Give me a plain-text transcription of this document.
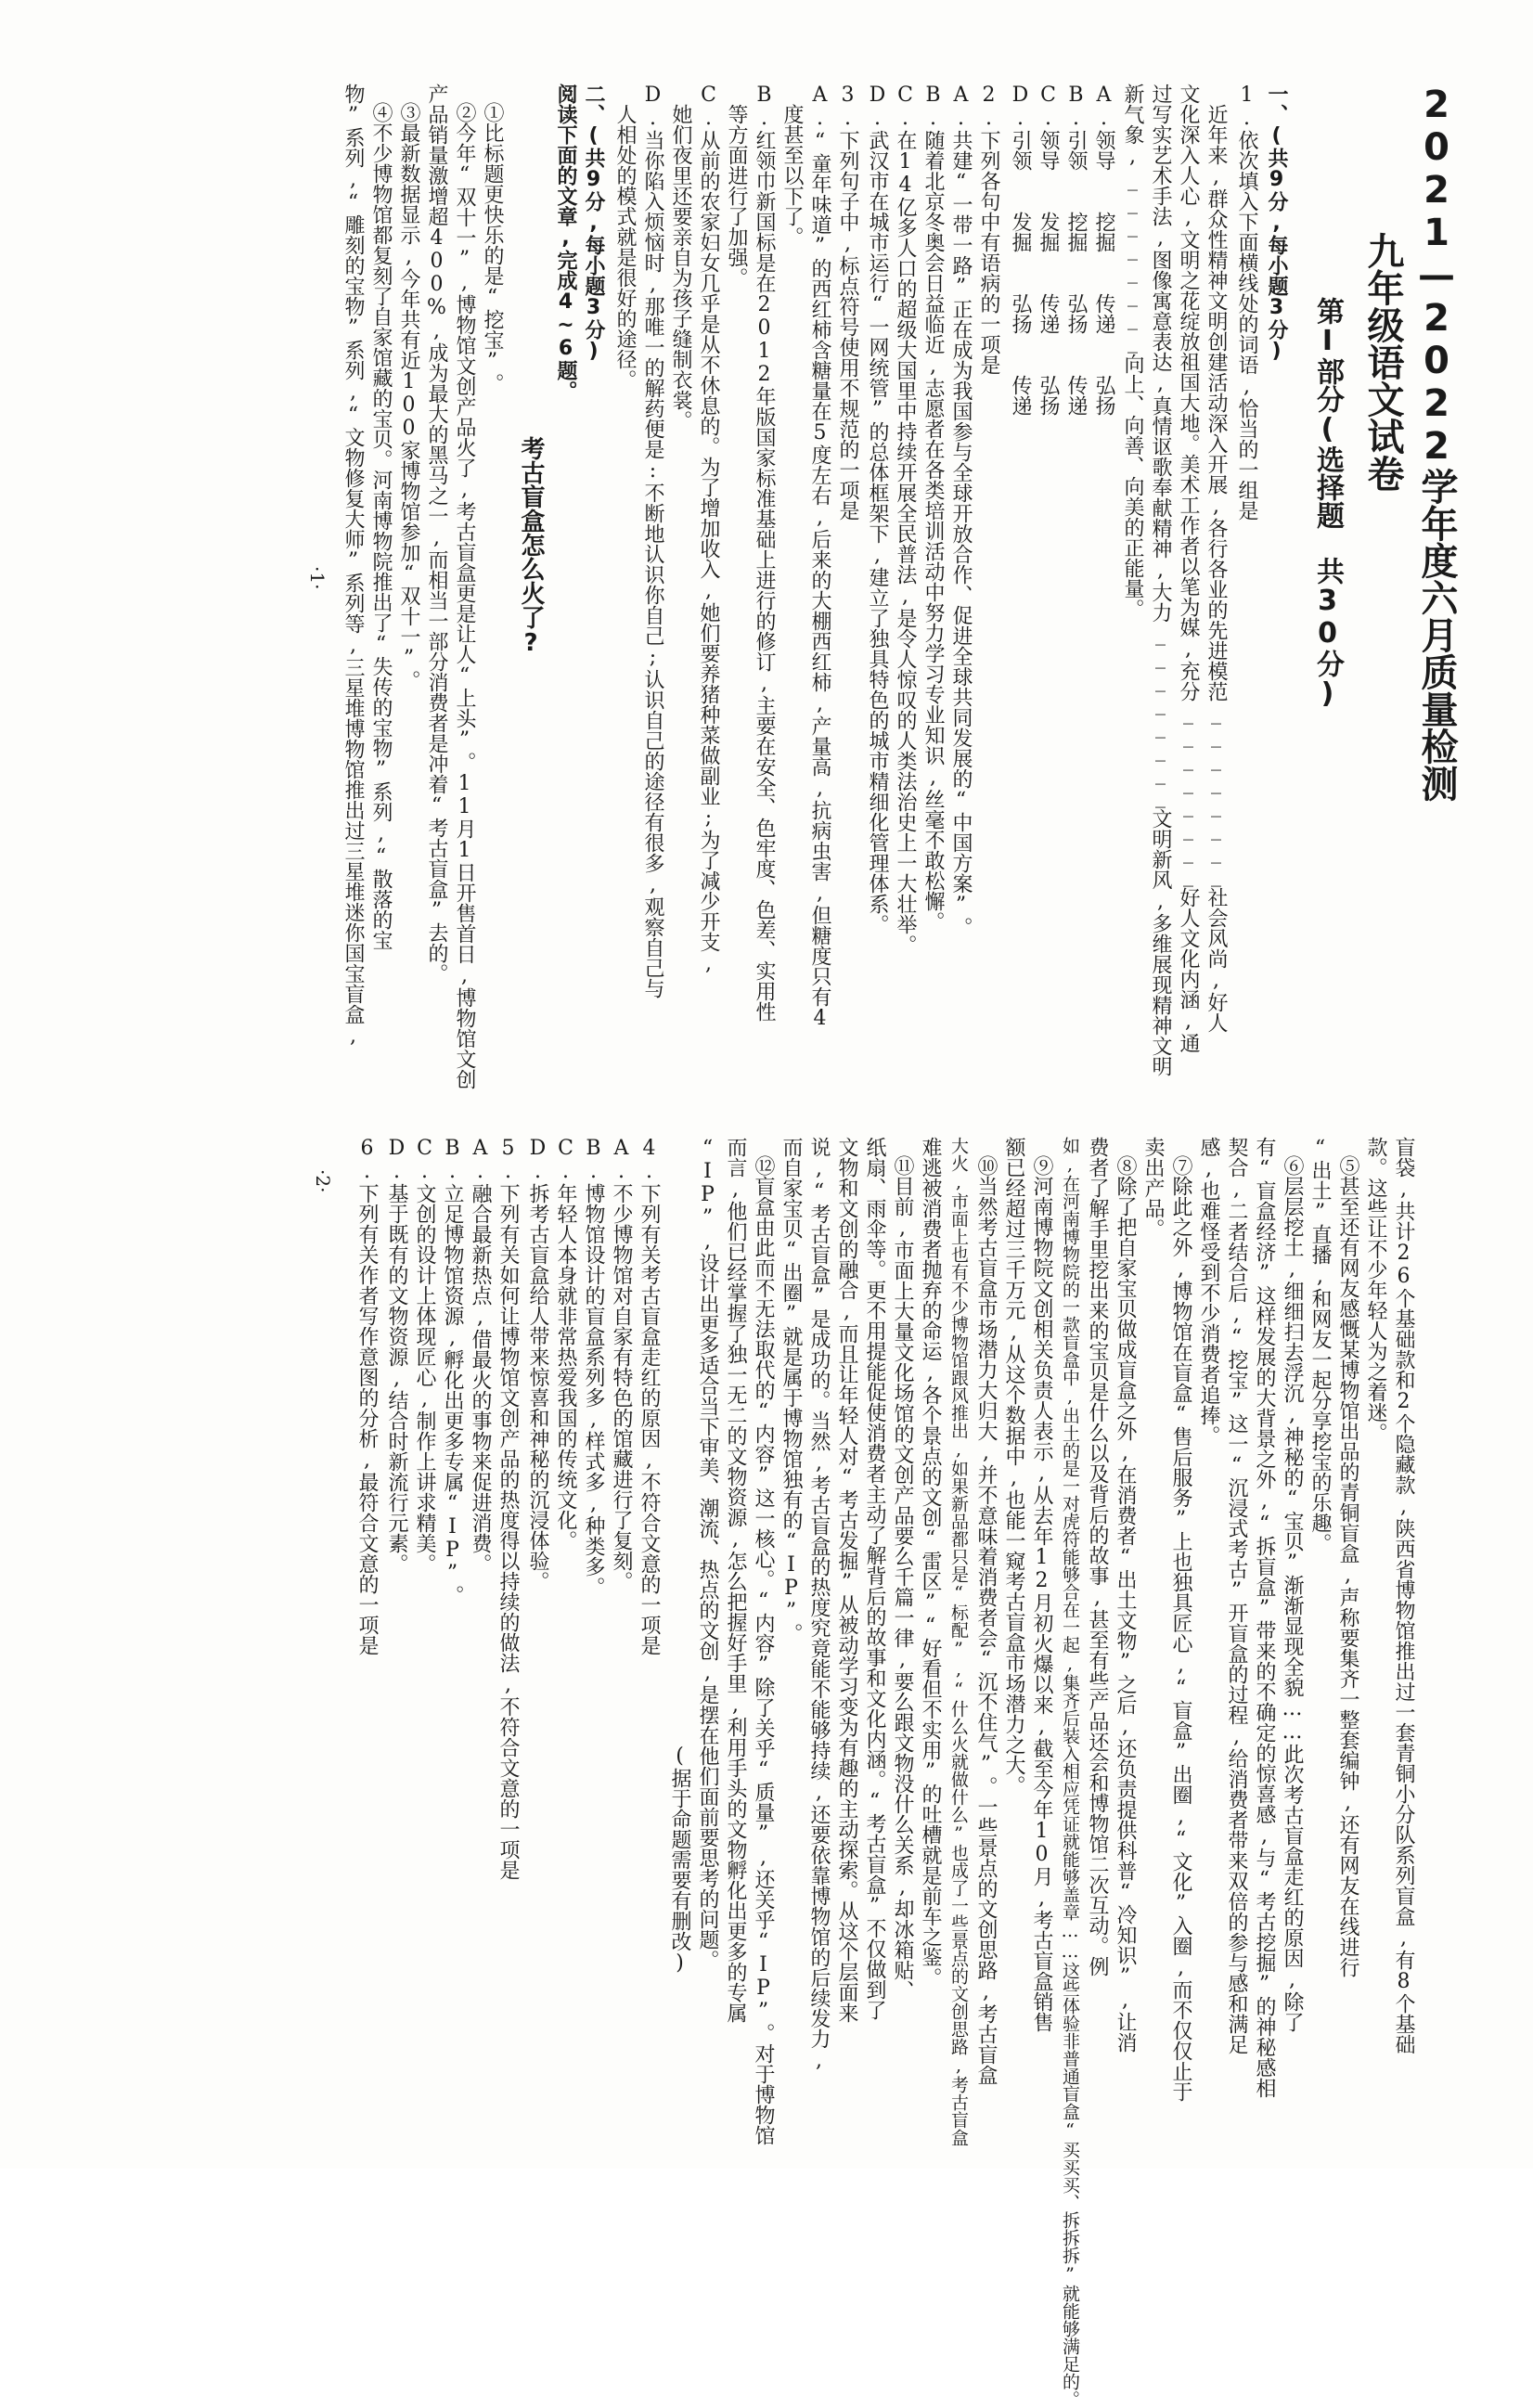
2021—2022学年度六月质量检测
九年级语文试卷
第Ⅰ部分(选择题　共30分)
一、(共9分,每小题3分)
1.依次填入下面横线处的词语,恰当的一组是
　近年来,群众性精神文明创建活动深入开展,各行各业的先进模范________社会风尚,好人
文化深入人心,文明之花绽放祖国大地。美术工作者以笔为媒,充分________好人文化内涵,通
过写实艺术手法,图像寓意表达,真情讴歌奉献精神,大力________文明新风,多维展现精神文明
新气象,________向上、向善、向美的正能量。
A.领导　　挖掘　　传递　　弘扬
B.引领　　挖掘　　弘扬　　传递
C.领导　　发掘　　传递　　弘扬
D.引领　　发掘　　弘扬　　传递
2.下列各句中有语病的一项是
A.共建“一带一路”正在成为我国参与全球开放合作、促进全球共同发展的“中国方案”。
B.随着北京冬奥会日益临近,志愿者在各类培训活动中努力学习专业知识,丝毫不敢松懈。
C.在14亿多人口的超级大国里中持续开展全民普法,是令人惊叹的人类法治史上一大壮举。
D.武汉市在城市运行“一网统管”的总体框架下,建立了独具特色的城市精细化管理体系。
3.下列句子中,标点符号使用不规范的一项是
A.“童年味道”的西红柿含糖量在5度左右,后来的大棚西红柿,产量高,抗病虫害,但糖度只有4
　度甚至以下了。
B.红领巾新国标是在2012年版国家标准基础上进行的修订,主要在安全、色牢度、色差、实用性
　等方面进行了加强。
C.从前的农家妇女几乎是从不休息的。为了增加收入,她们要养猪种菜做副业;为了减少开支,
　她们夜里还要亲自为孩子缝制衣裳。
D.当你陷入烦恼时,那唯一的解药便是:不断地认识你自己;认识自己的途径有很多,观察自己与
　人相处的模式就是很好的途径。
二、(共9分,每小题3分)
阅读下面的文章,完成4~6题。
考古盲盒怎么火了?
①比标题更快乐的是“挖宝”。
②今年“双十一”,博物馆文创产品火了,考古盲盒更是让人“上头”。11月1日开售首日,博物馆文创
产品销量激增超400%,成为最大的黑马之一,而相当一部分消费者是冲着“考古盲盒”去的。
③最新数据显示,今年共有近100家博物馆参加“双十一”。
④不少博物馆都复刻了自家馆藏的宝贝。河南博物院推出了“失传的宝物”系列,“散落的宝
物”系列,“雕刻的宝物”系列,“文物修复大师”系列等,三星堆博物馆推出过三星堆迷你国宝盲盒,
·1·
盲袋,共计26个基础款和2个隐藏款,陕西省博物馆推出过一套青铜小分队系列盲盒,有8个基础
款。这些让不少年轻人为之着迷。
⑤甚至还有网友感慨某博物馆出品的青铜盲盒,声称要集齐一整套编钟,还有网友在线进行
“出土”直播,和网友一起分享挖宝的乐趣。
⑥层层挖土,细细扫去浮沉,神秘的“宝贝”渐渐显现全貌……此次考古盲盒走红的原因,除了
有“盲盒经济”这样发展的大背景之外,“拆盲盒”带来的不确定的惊喜感,与“考古挖掘”的神秘感相
契合,二者结合后,“挖宝”这一“沉浸式考古”开盲盒的过程,给消费者带来双倍的参与感和满足
感,也难怪受到不少消费者追捧。
⑦除此之外,博物馆在盲盒“售后服务”上也独具匠心,“盲盒”出圈,“文化”入圈,而不仅仅止于
卖出产品。
⑧除了把自家宝贝做成盲盒之外,在消费者“出土文物”之后,还负责提供科普“冷知识”,让消
费者了解手里挖出来的宝贝是什么以及背后的故事,甚至有些产品还会和博物馆二次互动。例
如,在河南博物院的一款盲盒中,出土的是一对虎符能够合在一起,集齐后装入相应凭证就能够盖章……这些体验非普通盲盒“买买买、拆拆拆”就能够满足的。
⑨河南博物院文创相关负责人表示,从去年12月初火爆以来,截至今年10月,考古盲盒销售
额已经超过三千万元,从这个数据中,也能一窥考古盲盒市场潜力之大。
⑩当然考古盲盒市场潜力大归大,并不意味着消费者会“沉不住气”。一些景点的文创思路,考古盲盒
大火,市面上也有不少博物馆跟风推出,如果新品都只是“标配”,“什么火就做什么”也成了一些景点的文创思路,考古盲盒
难逃被消费者抛弃的命运,各个景点的文创“雷区”“好看但不实用”的吐槽就是前车之鉴。
⑪目前,市面上大量文化场馆的文创产品要么千篇一律,要么跟文物没什么关系,却冰箱贴、
纸扇、雨伞等。更不用提能促使消费者主动了解背后的故事和文化内涵。“考古盲盒”不仅做到了
文物和文创的融合,而且让年轻人对“考古发掘”从被动学习变为有趣的主动探索。从这个层面来
说,“考古盲盒”是成功的。当然,考古盲盒的热度究竟能不能够持续,还要依靠博物馆的后续发力,
而自家宝贝“出圈”就是属于博物馆独有的“IP”。
⑫盲盒由此而不无法取代的“内容”这一核心。“内容”除了关乎“质量”,还关乎“IP”。对于博物馆
而言,他们已经掌握了独一无二的文物资源,怎么把握好手里,利用手头的文物孵化出更多的专属
“IP”,设计出更多适合当下审美、潮流、热点的文创,是摆在他们面前要思考的问题。
(据于命题需要有删改)
4.下列有关考古盲盒走红的原因,不符合文意的一项是
A.不少博物馆对自家有特色的馆藏进行了复刻。
B.博物馆设计的盲盒系列多,样式多,种类多。
C.年轻人本身就非常热爱我国的传统文化。
D.拆考古盲盒给人带来惊喜和神秘的沉浸体验。
5.下列有关如何让博物馆文创产品的热度得以持续的做法,不符合文意的一项是
A.融合最新热点,借最火的事物来促进消费。
B.立足博物馆资源,孵化出更多专属“IP”。
C.文创的设计上体现匠心,制作上讲求精美。
D.基于既有的文物资源,结合时新流行元素。
6.下列有关作者写作意图的分析,最符合文意的一项是
·2·
